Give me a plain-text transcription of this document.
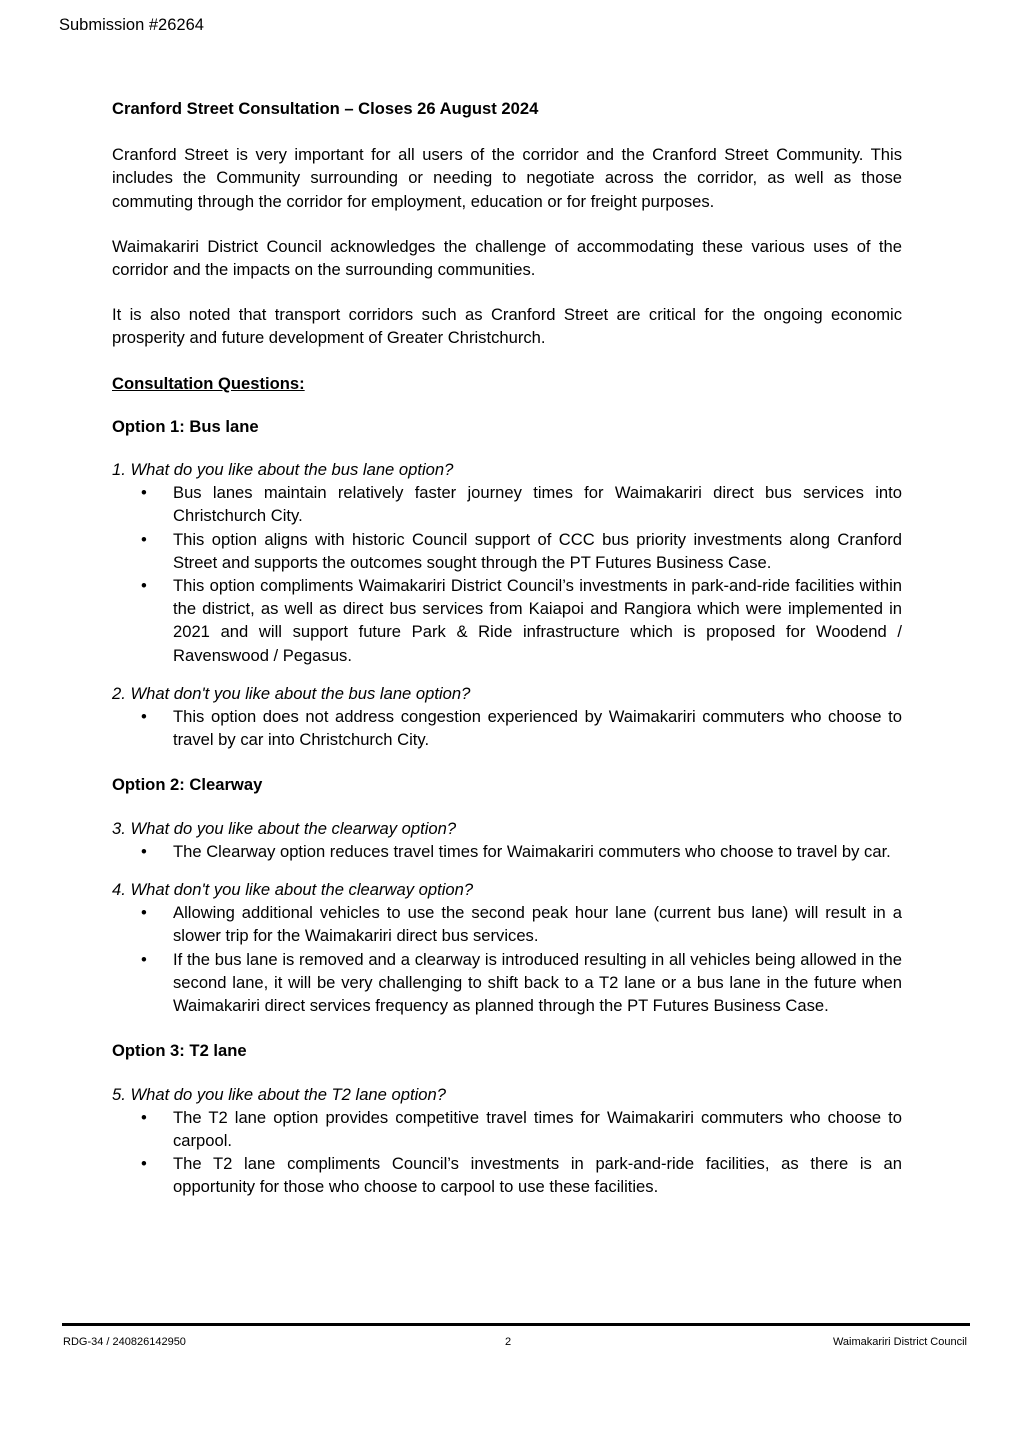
Submission #26264
Cranford Street Consultation – Closes 26 August 2024

Cranford Street is very important for all users of the corridor and the Cranford Street Community. This includes the Community surrounding or needing to negotiate across the corridor, as well as those commuting through the corridor for employment, education or for freight purposes.

Waimakariri District Council acknowledges the challenge of accommodating these various uses of the corridor and the impacts on the surrounding communities.

It is also noted that transport corridors such as Cranford Street are critical for the ongoing economic prosperity and future development of Greater Christchurch.

Consultation Questions:
Option 1: Bus lane

1. What do you like about the bus lane option?

• Bus lanes maintain relatively faster journey times for Waimakariri direct bus services into Christchurch City.
• This option aligns with historic Council support of CCC bus priority investments along Cranford Street and supports the outcomes sought through the PT Futures Business Case.
• This option compliments Waimakariri District Council’s investments in park-and-ride facilities within the district, as well as direct bus services from Kaiapoi and Rangiora which were implemented in 2021 and will support future Park & Ride infrastructure which is proposed for Woodend / Ravenswood / Pegasus.

2. What don't you like about the bus lane option?

• This option does not address congestion experienced by Waimakariri commuters who choose to travel by car into Christchurch City.
Option 2: Clearway

3. What do you like about the clearway option?

• The Clearway option reduces travel times for Waimakariri commuters who choose to travel by car.

4. What don't you like about the clearway option?

• Allowing additional vehicles to use the second peak hour lane (current bus lane) will result in a slower trip for the Waimakariri direct bus services.
• If the bus lane is removed and a clearway is introduced resulting in all vehicles being allowed in the second lane, it will be very challenging to shift back to a T2 lane or a bus lane in the future when Waimakariri direct services frequency as planned through the PT Futures Business Case.
Option 3: T2 lane

5. What do you like about the T2 lane option?

• The T2 lane option provides competitive travel times for Waimakariri commuters who choose to carpool.
• The T2 lane compliments Council’s investments in park-and-ride facilities, as there is an opportunity for those who choose to carpool to use these facilities.
RDG-34 / 240826142950	2	Waimakariri District Council
